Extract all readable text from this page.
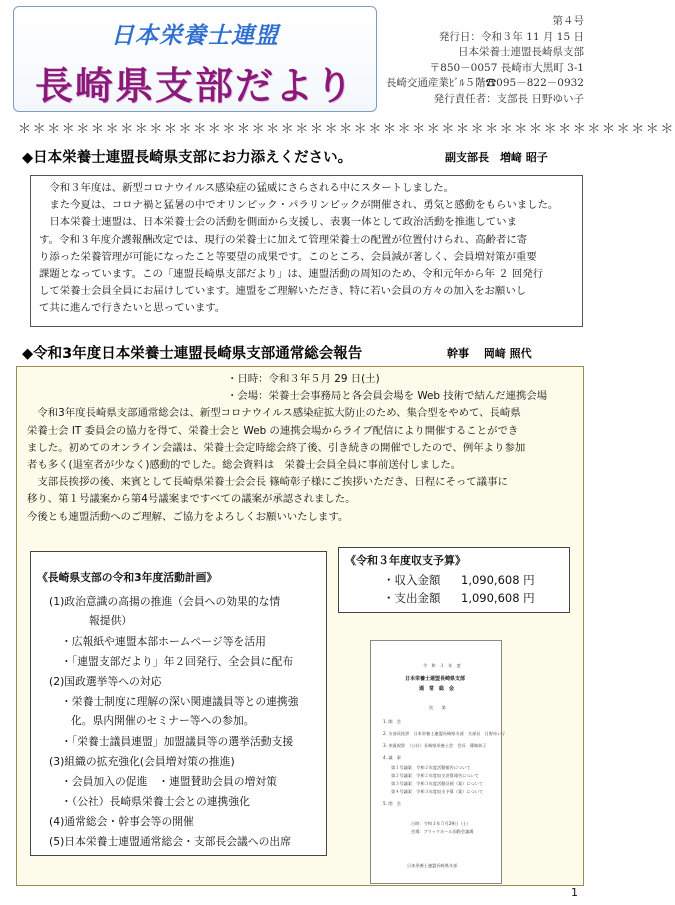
日本栄養士連盟
長崎県支部だより
第４号
発行日：令和３年 11 月 15 日
日本栄養士連盟長崎県支部
〒850－0057 長崎市大黒町 3-1
長崎交通産業ﾋﾞﾙ５階☎095－822－0932
発行責任者：支部長 日野ゆい子
＊＊＊＊＊＊＊＊＊＊＊＊＊＊＊＊＊＊＊＊＊＊＊＊＊＊＊＊＊＊＊＊＊＊＊＊＊＊＊＊＊＊＊＊＊
◆日本栄養士連盟長崎県支部にお力添えください。	副支部長　増﨑 昭子

令和３年度は、新型コロナウイルス感染症の猛威にさらされる中にスタートしました。

また今夏は、コロナ禍と猛暑の中でオリンピック・パラリンピックが開催され、勇気と感動をもらいました。

日本栄養士連盟は、日本栄養士会の活動を側面から支援し、表裏一体として政治活動を推進していま

す。令和３年度介護報酬改定では、現行の栄養士に加えて管理栄養士の配置が位置付けられ、高齢者に寄

り添った栄養管理が可能になったこと等要望の成果です。このところ、会員減が著しく、会員増対策が重要

課題となっています。この「連盟長崎県支部だより」は、連盟活動の周知のため、令和元年から年 ２ 回発行

して栄養士会員全員にお届けしています。連盟をご理解いただき、特に若い会員の方々の加入をお願いし

て共に進んで行きたいと思っています。

◆令和3年度日本栄養士連盟長崎県支部通常総会報告	幹事　 岡﨑 照代
・日時：令和３年５月 29 日(土)
・会場：栄養士会事務局と各会員会場を Web 技術で結んだ連携会場
令和3年度長崎県支部通常総会は、新型コロナウイルス感染症拡大防止のため、集合型をやめて、長崎県
栄養士会 IT 委員会の協力を得て、栄養士会と Web の連携会場からライブ配信により開催することができ
ました。初めてのオンライン会議は、栄養士会定時総会終了後、引き続きの開催でしたので、例年より参加
者も多く(退室者が少なく)感動的でした。総会資料は　栄養士会員全員に事前送付しました。
支部長挨拶の後、来賓として長崎県栄養士会会長 篠崎彰子様にご挨拶いただき、日程にそって議事に
移り、第１号議案から第4号議案まですべての議案が承認されました。
今後とも連盟活動へのご理解、ご協力をよろしくお願いいたします。
《長崎県支部の令和3年度活動計画》
(1)政治意識の高揚の推進（会員への効果的な情
報提供）
・広報紙や連盟本部ホームページ等を活用
・「連盟支部だより」年２回発行、全会員に配布
(2)国政選挙等への対応
・栄養士制度に理解の深い関連議員等との連携強
化。県内開催のセミナー等への参加。
・「栄養士議員連盟」加盟議員等の選挙活動支援
(3)組織の拡充強化(会員増対策の推進)
・会員加入の促進　・連盟賛助会員の増対策
・（公社）長崎県栄養士会との連携強化
(4)通常総会・幹事会等の開催
(5)日本栄養士連盟通常総会・支部長会議への出席
《令和３年度収支予算》
・収入金額 1,090,608 円
・支出金額 1,090,608 円
令　和　３　年　度
日本栄養士連盟長崎県支部
通　常　総　会
次　　第
1. 開　会
2. 支部長挨拶　日本栄養士連盟長崎県支部　支部長　日野ゆい子
3. 来賓祝辞　（公社）長崎県栄養士会　会長　篠崎彰子
4. 議　事
第１号議案　令和２年度活動報告について
第２号議案　令和２年度収支決算報告について
第３号議案　令和３年度活動計画（案）について
第４号議案　令和３年度収支予算（案）について
5. 閉　会
日時：令和３年５月29日（土）
会場：ブリックホール国際会議場
日本栄養士連盟長崎県支部
1
